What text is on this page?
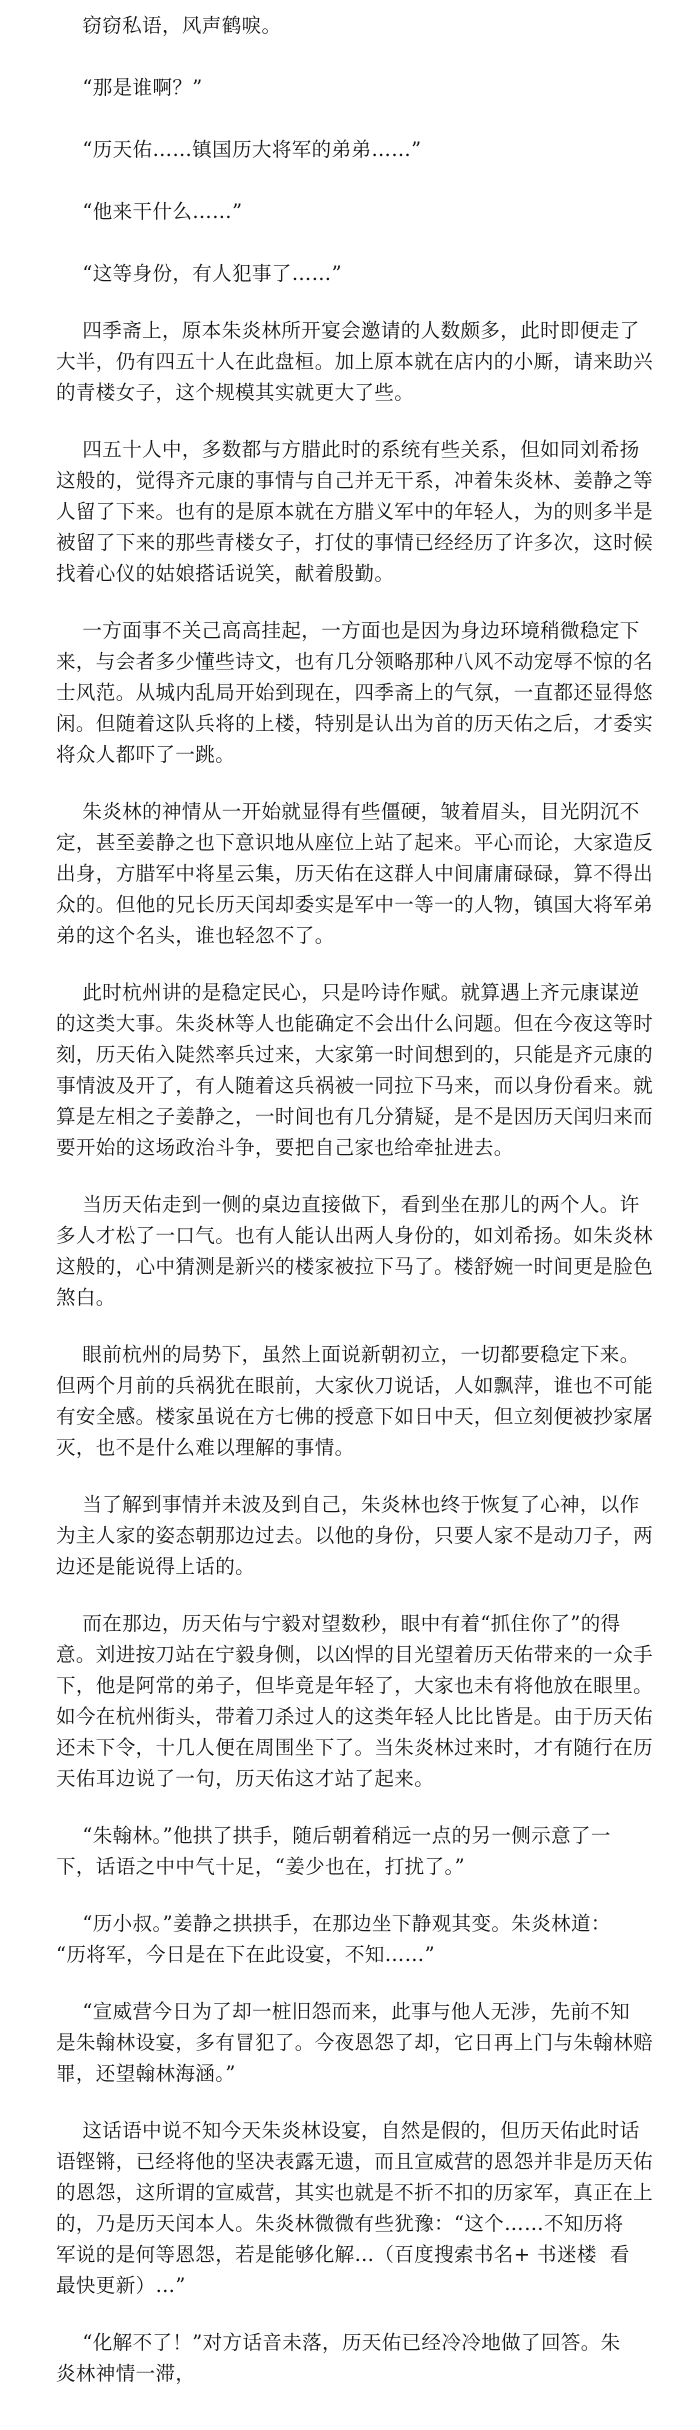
窃窃私语，风声鹤唳。

“那是谁啊？”

“历天佑……镇国历大将军的弟弟……”

“他来干什么……”

“这等身份，有人犯事了……”

四季斋上，原本朱炎林所开宴会邀请的人数颇多，此时即便走了

大半，仍有四五十人在此盘桓。加上原本就在店内的小厮，请来助兴

的青楼女子，这个规模其实就更大了些。

四五十人中，多数都与方腊此时的系统有些关系，但如同刘希扬

这般的，觉得齐元康的事情与自己并无干系，冲着朱炎林、姜静之等

人留了下来。也有的是原本就在方腊义军中的年轻人，为的则多半是

被留了下来的那些青楼女子，打仗的事情已经经历了许多次，这时候

找着心仪的姑娘搭话说笑，献着殷勤。

一方面事不关己高高挂起，一方面也是因为身边环境稍微稳定下

来，与会者多少懂些诗文，也有几分领略那种八风不动宠辱不惊的名

士风范。从城内乱局开始到现在，四季斋上的气氛，一直都还显得悠

闲。但随着这队兵将的上楼，特别是认出为首的历天佑之后，才委实

将众人都吓了一跳。

朱炎林的神情从一开始就显得有些僵硬，皱着眉头，目光阴沉不

定，甚至姜静之也下意识地从座位上站了起来。平心而论，大家造反

出身，方腊军中将星云集，历天佑在这群人中间庸庸碌碌，算不得出

众的。但他的兄长历天闰却委实是军中一等一的人物，镇国大将军弟

弟的这个名头，谁也轻忽不了。

此时杭州讲的是稳定民心，只是吟诗作赋。就算遇上齐元康谋逆

的这类大事。朱炎林等人也能确定不会出什么问题。但在今夜这等时

刻，历天佑入陡然率兵过来，大家第一时间想到的，只能是齐元康的

事情波及开了，有人随着这兵祸被一同拉下马来，而以身份看来。就

算是左相之子姜静之，一时间也有几分猜疑，是不是因历天闰归来而

要开始的这场政治斗争，要把自己家也给牵扯进去。

当历天佑走到一侧的桌边直接做下，看到坐在那儿的两个人。许

多人才松了一口气。也有人能认出两人身份的，如刘希扬。如朱炎林

这般的，心中猜测是新兴的楼家被拉下马了。楼舒婉一时间更是脸色

煞白。

眼前杭州的局势下，虽然上面说新朝初立，一切都要稳定下来。

但两个月前的兵祸犹在眼前，大家伙刀说话，人如飘萍，谁也不可能

有安全感。楼家虽说在方七佛的授意下如日中天，但立刻便被抄家屠

灭，也不是什么难以理解的事情。

当了解到事情并未波及到自己，朱炎林也终于恢复了心神，以作

为主人家的姿态朝那边过去。以他的身份，只要人家不是动刀子，两

边还是能说得上话的。

而在那边，历天佑与宁毅对望数秒，眼中有着“抓住你了”的得

意。刘进按刀站在宁毅身侧，以凶悍的目光望着历天佑带来的一众手

下，他是阿常的弟子，但毕竟是年轻了，大家也未有将他放在眼里。

如今在杭州街头，带着刀杀过人的这类年轻人比比皆是。由于历天佑

还未下令，十几人便在周围坐下了。当朱炎林过来时，才有随行在历

天佑耳边说了一句，历天佑这才站了起来。

“朱翰林。”他拱了拱手，随后朝着稍远一点的另一侧示意了一

下，话语之中中气十足，“姜少也在，打扰了。”

“历小叔。”姜静之拱拱手，在那边坐下静观其变。朱炎林道：

“历将军，今日是在下在此设宴，不知……”

“宣威营今日为了却一桩旧怨而来，此事与他人无涉，先前不知

是朱翰林设宴，多有冒犯了。今夜恩怨了却，它日再上门与朱翰林赔

罪，还望翰林海涵。”

这话语中说不知今天朱炎林设宴，自然是假的，但历天佑此时话

语铿锵，已经将他的坚决表露无遗，而且宣威营的恩怨并非是历天佑

的恩怨，这所谓的宣威营，其实也就是不折不扣的历家军，真正在上

的，乃是历天闰本人。朱炎林微微有些犹豫：“这个……不知历将

军说的是何等恩怨，若是能够化解…（百度搜索书名+ 书迷楼  看

最快更新）…”

“化解不了！”对方话音未落，历天佑已经冷冷地做了回答。朱

炎林神情一滞，
